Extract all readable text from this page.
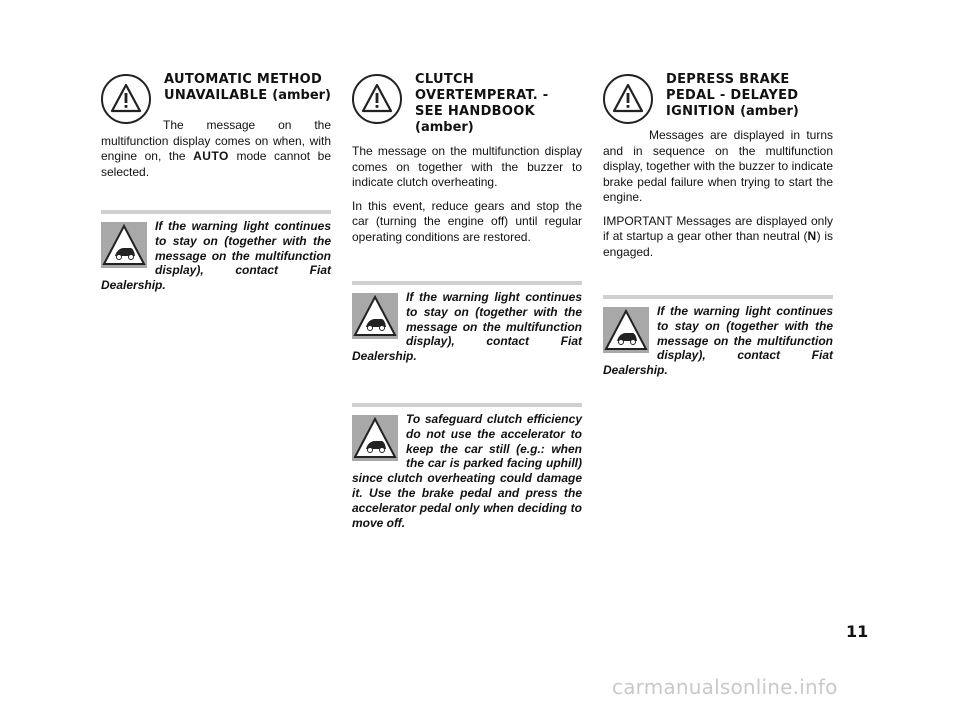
AUTOMATIC METHOD
UNAVAILABLE (amber)

The message on the multifunction display comes on when, with engine on, the AUTO mode cannot be selected.

If the warning light continues to stay on (together with the message on the multifunction display), contact Fiat Dealership.
CLUTCH
OVERTEMPERAT. -
SEE HANDBOOK
(amber)

The message on the multifunction display comes on together with the buzzer to indicate clutch overheating.

In this event, reduce gears and stop the car (turning the engine off) until regular operating conditions are restored.

If the warning light continues to stay on (together with the message on the multifunction display), contact Fiat Dealership.
To safeguard clutch efficiency do not use the accelerator to keep the car still (e.g.: when the car is parked facing uphill) since clutch overheating could damage it. Use the brake pedal and press the accelerator pedal only when deciding to move off.
DEPRESS BRAKE
PEDAL - DELAYED
IGNITION (amber)

Messages are displayed in turns and in sequence on the multifunction display, together with the buzzer to indicate brake pedal failure when trying to start the engine.

IMPORTANT Messages are displayed only if at startup a gear other than neutral (N) is engaged.

If the warning light continues to stay on (together with the message on the multifunction display), contact Fiat Dealership.
11
carmanualsonline.info
